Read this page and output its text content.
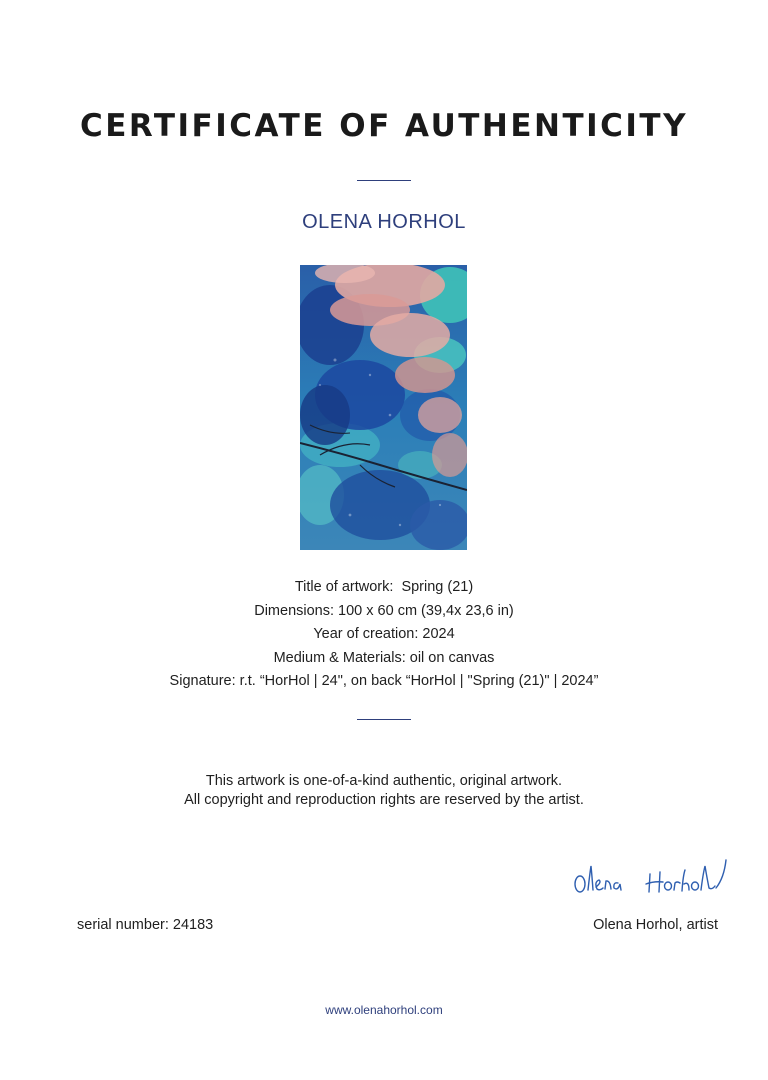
CERTIFICATE OF AUTHENTICITY
OLENA HORHOL
Title of artwork:  Spring (21)
Dimensions: 100 x 60 cm (39,4x 23,6 in)
Year of creation: 2024
Medium & Materials: oil on canvas
Signature: r.t. “HorHol | 24", on back “HorHol | "Spring (21)" | 2024”
This artwork is one-of-a-kind authentic, original artwork.
All copyright and reproduction rights are reserved by the artist.
serial number: 24183	Olena Horhol, artist
www.olenahorhol.com
